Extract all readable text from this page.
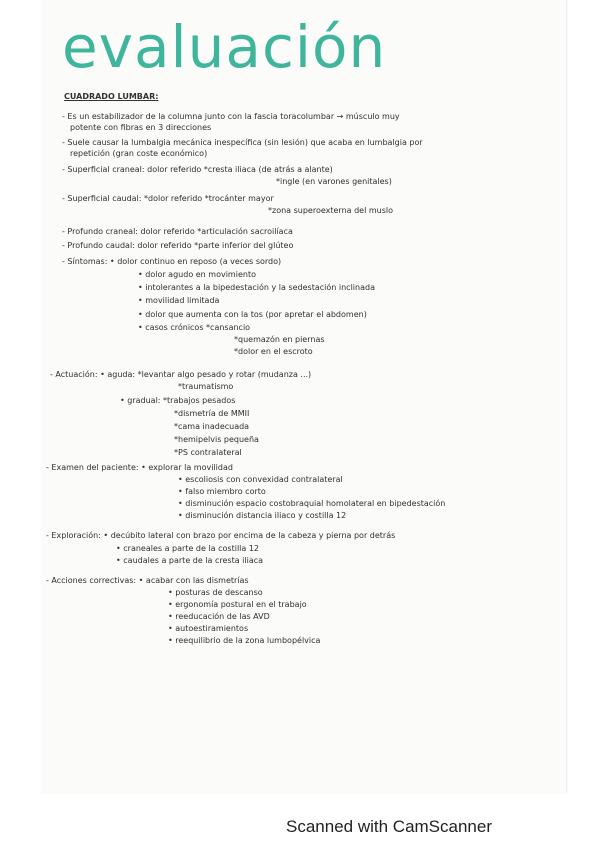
evaluación
CUADRADO LUMBAR:
- Es un estabilizador de la columna junto con la fascia toracolumbar → músculo muy
potente con fibras en 3 direcciones
- Suele causar la lumbalgia mecánica inespecífica (sin lesión) que acaba en lumbalgia por
repetición (gran coste económico)
- Superficial craneal: dolor referido *cresta iliaca (de atrás a alante)
*ingle (en varones genitales)
- Superficial caudal: *dolor referido *trocánter mayor
*zona superoexterna del muslo
- Profundo craneal: dolor referido *articulación sacroilíaca
- Profundo caudal: dolor referido *parte inferior del glúteo
- Síntomas: • dolor continuo en reposo (a veces sordo)
• dolor agudo en movimiento
• intolerantes a la bipedestación y la sedestación inclinada
• movilidad limitada
• dolor que aumenta con la tos (por apretar el abdomen)
• casos crónicos *cansancio
*quemazón en piernas
*dolor en el escroto
- Actuación: • aguda: *levantar algo pesado y rotar (mudanza ...)
*traumatismo
• gradual: *trabajos pesados
*dismetría de MMII
*cama inadecuada
*hemipelvis pequeña
*PS contralateral
- Examen del paciente: • explorar la movilidad
• escoliosis con convexidad contralateral
• falso miembro corto
• disminución espacio costobraquial homolateral en bipedestación
• disminución distancia iliaco y costilla 12
- Exploración: • decúbito lateral con brazo por encima de la cabeza y pierna por detrás
• craneales a parte de la costilla 12
• caudales a parte de la cresta iliaca
- Acciones correctivas: • acabar con las dismetrías
• posturas de descanso
• ergonomía postural en el trabajo
• reeducación de las AVD
• autoestiramientos
• reequilibrio de la zona lumbopélvica
Scanned with CamScanner
